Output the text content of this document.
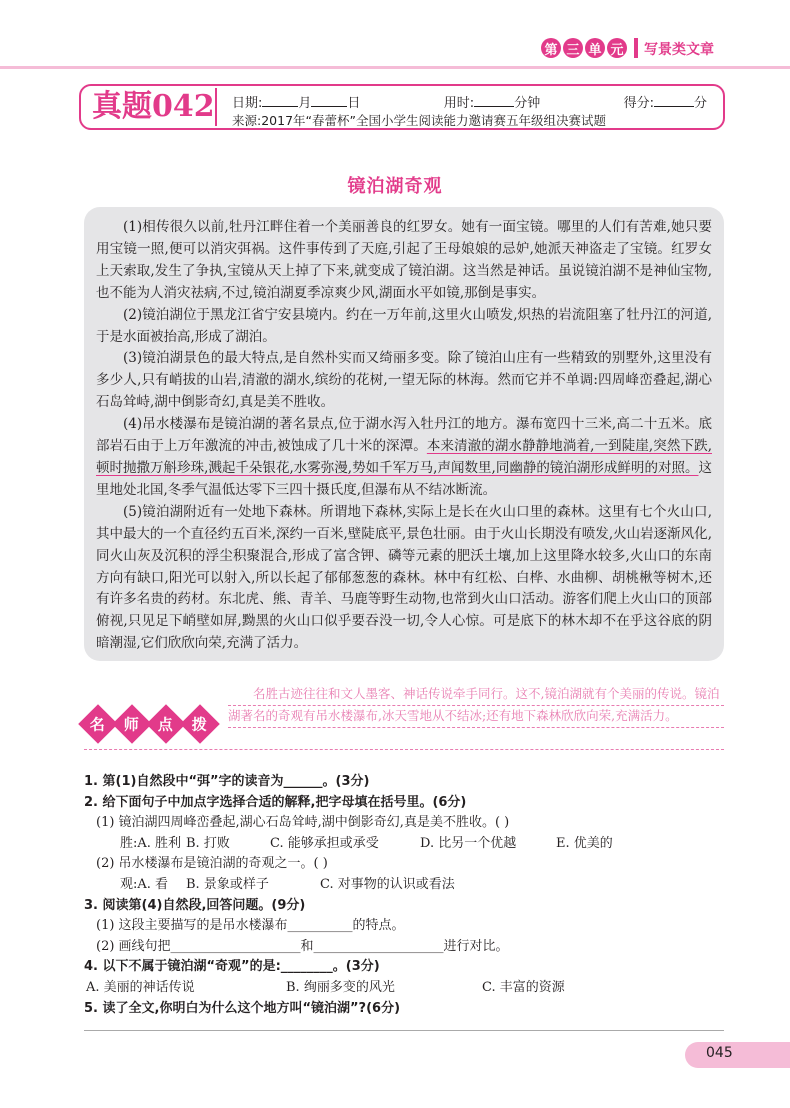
第 三 单 元 写景类文章
真题042 日期:	月	日	用时:	分钟	得分:	分
来源:2017年“春蕾杯”全国小学生阅读能力邀请赛五年级组决赛试题
镜泊湖奇观

(1)相传很久以前,牡丹江畔住着一个美丽善良的红罗女。她有一面宝镜。哪里的人们有苦难,她只要用宝镜一照,便可以消灾弭祸。这件事传到了天庭,引起了王母娘娘的忌妒,她派天神盗走了宝镜。红罗女上天索取,发生了争执,宝镜从天上掉了下来,就变成了镜泊湖。这当然是神话。虽说镜泊湖不是神仙宝物,也不能为人消灾祛病,不过,镜泊湖夏季凉爽少风,湖面水平如镜,那倒是事实。

(2)镜泊湖位于黑龙江省宁安县境内。约在一万年前,这里火山喷发,炽热的岩流阻塞了牡丹江的河道,于是水面被抬高,形成了湖泊。

(3)镜泊湖景色的最大特点,是自然朴实而又绮丽多变。除了镜泊山庄有一些精致的别墅外,这里没有多少人,只有峭拔的山岩,清澈的湖水,缤纷的花树,一望无际的林海。然而它并不单调:四周峰峦叠起,湖心石岛耸峙,湖中倒影奇幻,真是美不胜收。

(4)吊水楼瀑布是镜泊湖的著名景点,位于湖水泻入牡丹江的地方。瀑布宽四十三米,高二十五米。底部岩石由于上万年激流的冲击,被蚀成了几十米的深潭。本来清澈的湖水静静地淌着,一到陡崖,突然下跌,顿时抛撒万斛珍珠,溅起千朵银花,水雾弥漫,势如千军万马,声闻数里,同幽静的镜泊湖形成鲜明的对照。这里地处北国,冬季气温低达零下三四十摄氏度,但瀑布从不结冰断流。

(5)镜泊湖附近有一处地下森林。所谓地下森林,实际上是长在火山口里的森林。这里有七个火山口,其中最大的一个直径约五百米,深约一百米,壁陡底平,景色壮丽。由于火山长期没有喷发,火山岩逐渐风化,同火山灰及沉积的浮尘积聚混合,形成了富含钾、磷等元素的肥沃土壤,加上这里降水较多,火山口的东南方向有缺口,阳光可以射入,所以长起了郁郁葱葱的森林。林中有红松、白桦、水曲柳、胡桃楸等树木,还有许多名贵的药材。东北虎、熊、青羊、马鹿等野生动物,也常到火山口活动。游客们爬上火山口的顶部俯视,只见足下峭壁如屏,黝黑的火山口似乎要吞没一切,令人心惊。可是底下的林木却不在乎这谷底的阴暗潮湿,它们欣欣向荣,充满了活力。

名 师 点 拨
名胜古迹往往和文人墨客、神话传说牵手同行。这不,镜泊湖就有个美丽的传说。镜泊湖著名的奇观有吊水楼瀑布,冰天雪地从不结冰;还有地下森林欣欣向荣,充满活力。
1. 第(1)自然段中“弭”字的读音为______。(3分)
2. 给下面句子中加点字选择合适的解释,把字母填在括号里。(6分)
(1) 镜泊湖四周峰峦叠起,湖心石岛耸峙,湖中倒影奇幻,真是美不胜收。( )
胜:A. 胜利 B. 打败	C. 能够承担或承受	D. 比另一个优越	E. 优美的
(2) 吊水楼瀑布是镜泊湖的奇观之一。( )
观:A. 看	B. 景象或样子	C. 对事物的认识或看法
3. 阅读第(4)自然段,回答问题。(9分)
(1) 这段主要描写的是吊水楼瀑布__________的特点。
(2) 画线句把____________________和____________________进行对比。
4. 以下不属于镜泊湖“奇观”的是:________。(3分)
A. 美丽的神话传说	B. 绚丽多变的风光	C. 丰富的资源
5. 读了全文,你明白为什么这个地方叫“镜泊湖”?(6分)
045
